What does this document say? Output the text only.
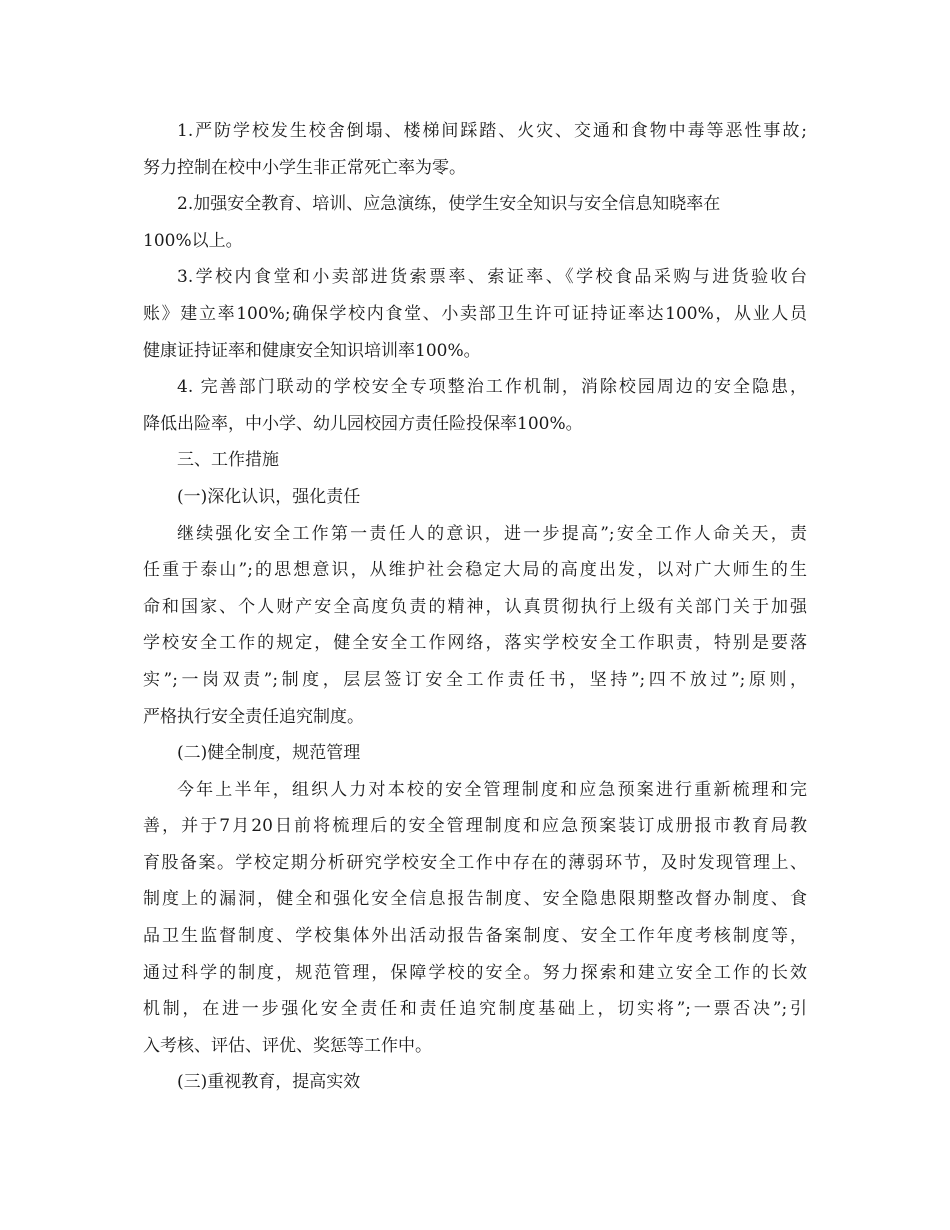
1.严防学校发生校舍倒塌、楼梯间踩踏、火灾、交通和食物中毒等恶性事故;
努力控制在校中小学生非正常死亡率为零。
2.加强安全教育、培训、应急演练，使学生安全知识与安全信息知晓率在
100%以上。
3.学校内食堂和小卖部进货索票率、索证率、《学校食品采购与进货验收台
账》建立率100%;确保学校内食堂、小卖部卫生许可证持证率达100%，从业人员
健康证持证率和健康安全知识培训率100%。
4. 完善部门联动的学校安全专项整治工作机制，消除校园周边的安全隐患，
降低出险率，中小学、幼儿园校园方责任险投保率100%。
三、工作措施
(一)深化认识，强化责任
继续强化安全工作第一责任人的意识，进一步提高”;安全工作人命关天，责
任重于泰山”;的思想意识，从维护社会稳定大局的高度出发，以对广大师生的生
命和国家、个人财产安全高度负责的精神，认真贯彻执行上级有关部门关于加强
学校安全工作的规定，健全安全工作网络，落实学校安全工作职责，特别是要落
实”;一岗双责”;制度，层层签订安全工作责任书，坚持”;四不放过”;原则，
严格执行安全责任追究制度。
(二)健全制度，规范管理
今年上半年，组织人力对本校的安全管理制度和应急预案进行重新梳理和完
善，并于7月20日前将梳理后的安全管理制度和应急预案装订成册报市教育局教
育股备案。学校定期分析研究学校安全工作中存在的薄弱环节，及时发现管理上、
制度上的漏洞，健全和强化安全信息报告制度、安全隐患限期整改督办制度、食
品卫生监督制度、学校集体外出活动报告备案制度、安全工作年度考核制度等，
通过科学的制度，规范管理，保障学校的安全。努力探索和建立安全工作的长效
机制，在进一步强化安全责任和责任追究制度基础上，切实将”;一票否决”;引
入考核、评估、评优、奖惩等工作中。
(三)重视教育，提高实效
